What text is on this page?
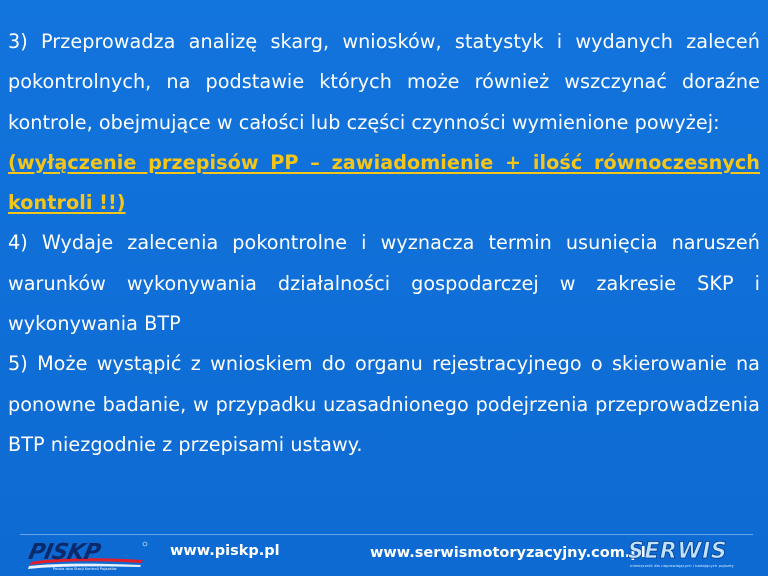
3) Przeprowadza analizę skarg, wniosków, statystyk i wydanych zaleceń pokontrolnych, na podstawie których może również wszczynać doraźne kontrole, obejmujące w całości lub części czynności wymienione powyżej:

(wyłączenie przepisów PP – zawiadomienie + ilość równoczesnych kontroli !!)

4) Wydaje zalecenia pokontrolne i wyznacza termin usunięcia naruszeń warunków wykonywania działalności gospodarczej w zakresie SKP i wykonywania BTP

5) Może wystąpić z wnioskiem do organu rejestracyjnego o skierowanie na ponowne badanie, w przypadku uzasadnionego podejrzenia przeprowadzenia BTP niezgodnie z przepisami ustawy.

PISKP
Polska Izba Stacji Kontroli Pojazdów
www.piskp.pl	www.serwismotoryzacyjny.com.pl
SERWIS
miesięcznik dla naprawiających i badających pojazdy
